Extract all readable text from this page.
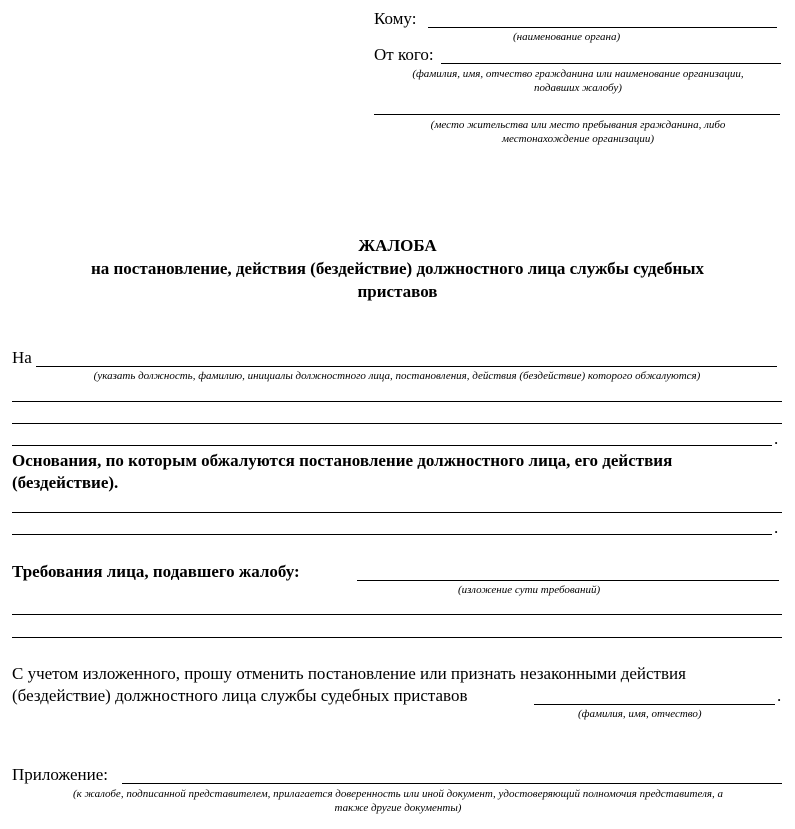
Кому:
(наименование органа)
От кого:
(фамилия, имя, отчество гражданина или наименование организации,
подавших жалобу)
(место жительства или место пребывания гражданина, либо
местонахождение организации)
ЖАЛОБА
на постановление, действия (бездействие) должностного лица службы судебных
приставов
На
(указать должность, фамилию, инициалы должностного лица, постановления, действия (бездействие) которого обжалуются)
.
Основания, по которым обжалуются постановление должностного лица, его действия
(бездействие).
.
Требования лица, подавшего жалобу:
(изложение сути требований)
С учетом изложенного, прошу отменить постановление или признать незаконными действия
(бездействие) должностного лица службы судебных приставов	.
(фамилия, имя, отчество)
Приложение:
(к жалобе, подписанной представителем, прилагается доверенность или иной документ, удостоверяющий полномочия представителя, а
также другие документы)
